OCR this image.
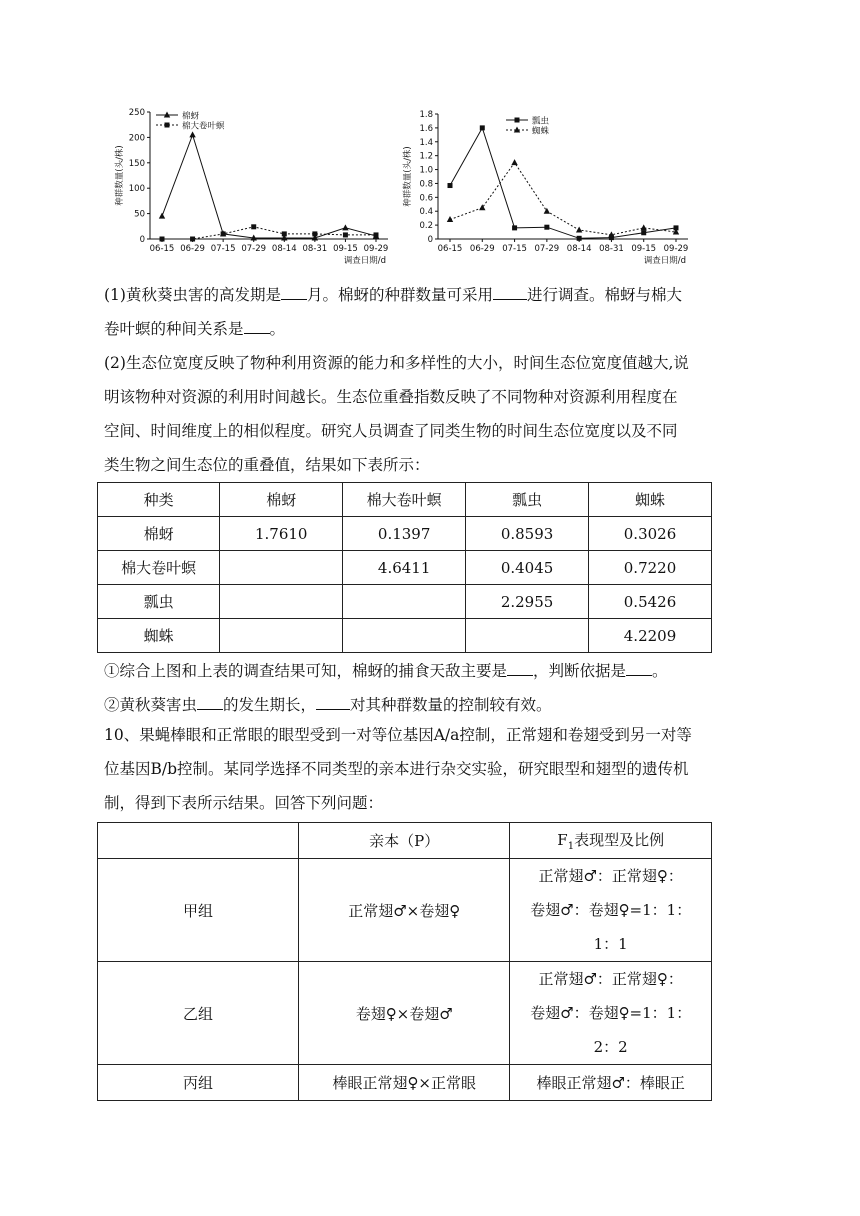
0
50
100
150
200
250
06-15 06-29 07-15 07-29 08-14 08-31 09-15 09-29
种群数量(头/株)
调查日期/d
棉蚜
棉大卷叶螟
0
0.2
0.4
0.6
0.8
1.0
1.2
1.4
1.6
1.8
06-15 06-29 07-15 07-29 08-14 08-31 09-15 09-29
种群数量(头/株)
调查日期/d
瓢虫
蜘蛛
(1)黄秋葵虫害的高发期是 月。棉蚜的种群数量可采用 进行调查。棉蚜与棉大
卷叶螟的种间关系是 。
(2)生态位宽度反映了物种利用资源的能力和多样性的大小，时间生态位宽度值越大,说
明该物种对资源的利用时间越长。生态位重叠指数反映了不同物种对资源利用程度在
空间、时间维度上的相似程度。研究人员调查了同类生物的时间生态位宽度以及不同
类生物之间生态位的重叠值，结果如下表所示：
种类	棉蚜	棉大卷叶螟	瓢虫	蜘蛛
棉蚜	1.7610	0.1397	0.8593	0.3026
棉大卷叶螟		4.6411	0.4045	0.7220
瓢虫			2.2955	0.5426
蜘蛛				4.2209
①综合上图和上表的调查结果可知，棉蚜的捕食天敌主要是 ，判断依据是 。
②黄秋葵害虫 的发生期长， 对其种群数量的控制较有效。
10、果蝇棒眼和正常眼的眼型受到一对等位基因A/a控制，正常翅和卷翅受到另一对等
位基因B/b控制。某同学选择不同类型的亲本进行杂交实验，研究眼型和翅型的遗传机
制，得到下表所示结果。回答下列问题：
	亲本（P）	$F_1$表现型及比例
甲组	正常翅♂×卷翅♀	正常翅♂：正常翅♀：
卷翅♂：卷翅♀=1：1：
1：1

乙组	卷翅♀×卷翅♂	正常翅♂：正常翅♀：
卷翅♂：卷翅♀=1：1：
2：2

丙组	棒眼正常翅♀×正常眼	棒眼正常翅♂：棒眼正
